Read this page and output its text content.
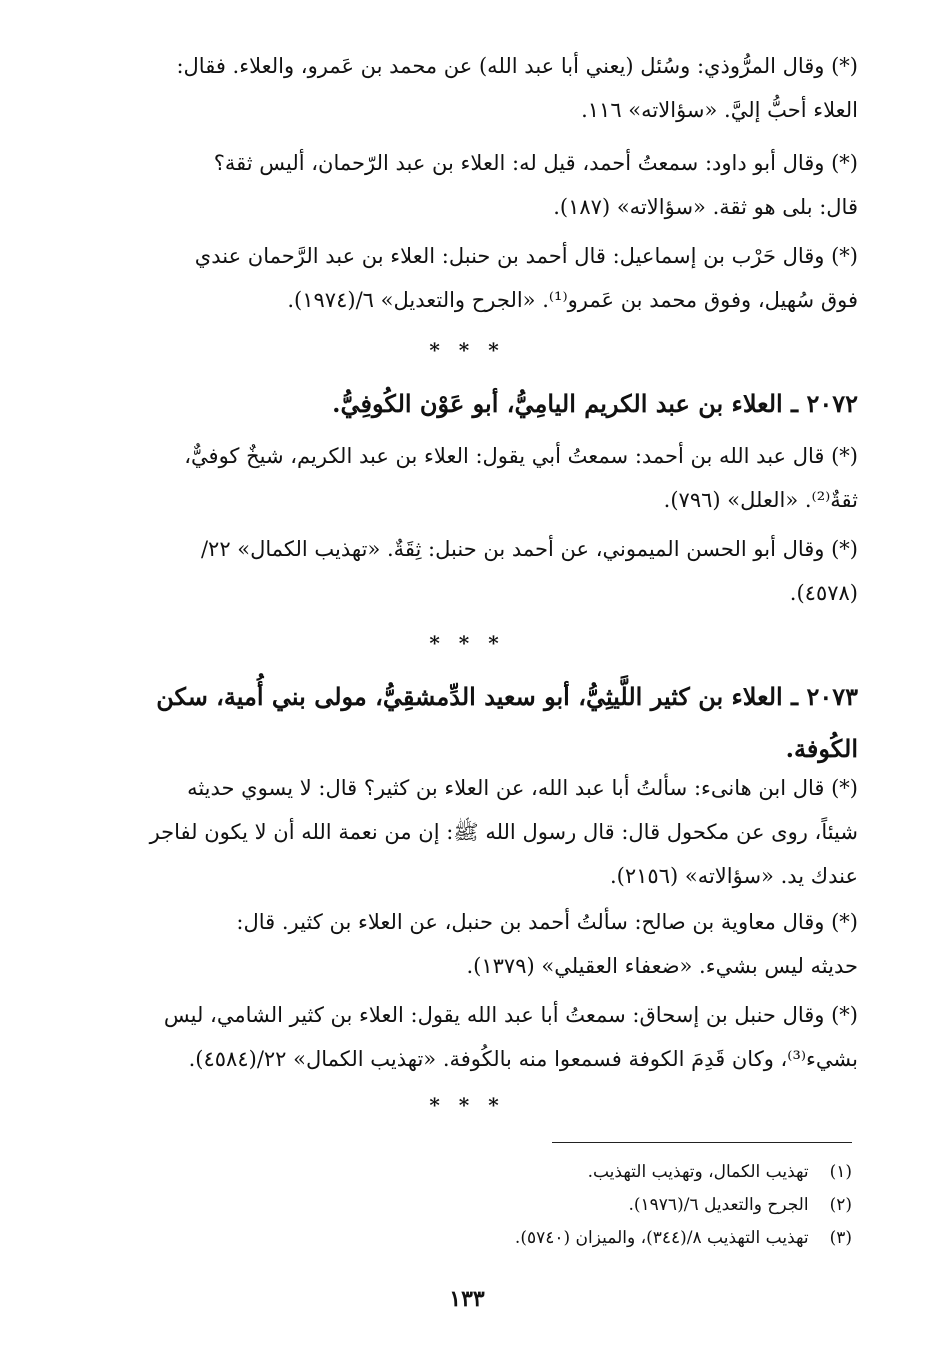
(*) وقال المرُّوذي: وسُئل (يعني أبا عبد الله) عن محمد بن عَمرو، والعلاء. فقال:
العلاء أحبُّ إليَّ. «سؤالاته» ١١٦.
(*) وقال أبو داود: سمعتُ أحمد، قيل له: العلاء بن عبد الرّحمان، أليس ثقة؟
قال: بلى هو ثقة. «سؤالاته» (١٨٧).
(*) وقال حَرْب بن إسماعيل: قال أحمد بن حنبل: العلاء بن عبد الرَّحمان عندي
فوق سُهيل، وفوق محمد بن عَمرو⁽¹⁾. «الجرح والتعديل» ٦/(١٩٧٤).
* * *
٢٠٧٢ ـ العلاء بن عبد الكريم اليامِيُّ، أبو عَوْن الكُوفِيُّ.
(*) قال عبد الله بن أحمد: سمعتُ أبي يقول: العلاء بن عبد الكريم، شيخٌ كوفيٌّ،
ثقةٌ⁽²⁾. «العلل» (٧٩٦).
(*) وقال أبو الحسن الميموني، عن أحمد بن حنبل: ثِقَةٌ. «تهذيب الكمال» ٢٢/
(٤٥٧٨).
* * *
٢٠٧٣ ـ العلاء بن كثير اللَّيثِيُّ، أبو سعيد الدِّمشقِيُّ، مولى بني أُمية، سكن
الكُوفة.
(*) قال ابن هانىء: سألتُ أبا عبد الله، عن العلاء بن كثير؟ قال: لا يسوي حديثه
شيئاً، روى عن مكحول قال: قال رسول الله ﷺ: إن من نعمة الله أن لا يكون لفاجر
عندك يد. «سؤالاته» (٢١٥٦).
(*) وقال معاوية بن صالح: سألتُ أحمد بن حنبل، عن العلاء بن كثير. قال:
حديثه ليس بشيء. «ضعفاء العقيلي» (١٣٧٩).
(*) وقال حنبل بن إسحاق: سمعتُ أبا عبد الله يقول: العلاء بن كثير الشامي، ليس
بشيء⁽³⁾، وكان قَدِمَ الكوفة فسمعوا منه بالكُوفة. «تهذيب الكمال» ٢٢/(٤٥٨٤).
* * *
(١) تهذيب الكمال، وتهذيب التهذيب.
(٢) الجرح والتعديل ٦/(١٩٧٦).
(٣) تهذيب التهذيب ٨/(٣٤٤)، والميزان (٥٧٤٠).
١٣٣
